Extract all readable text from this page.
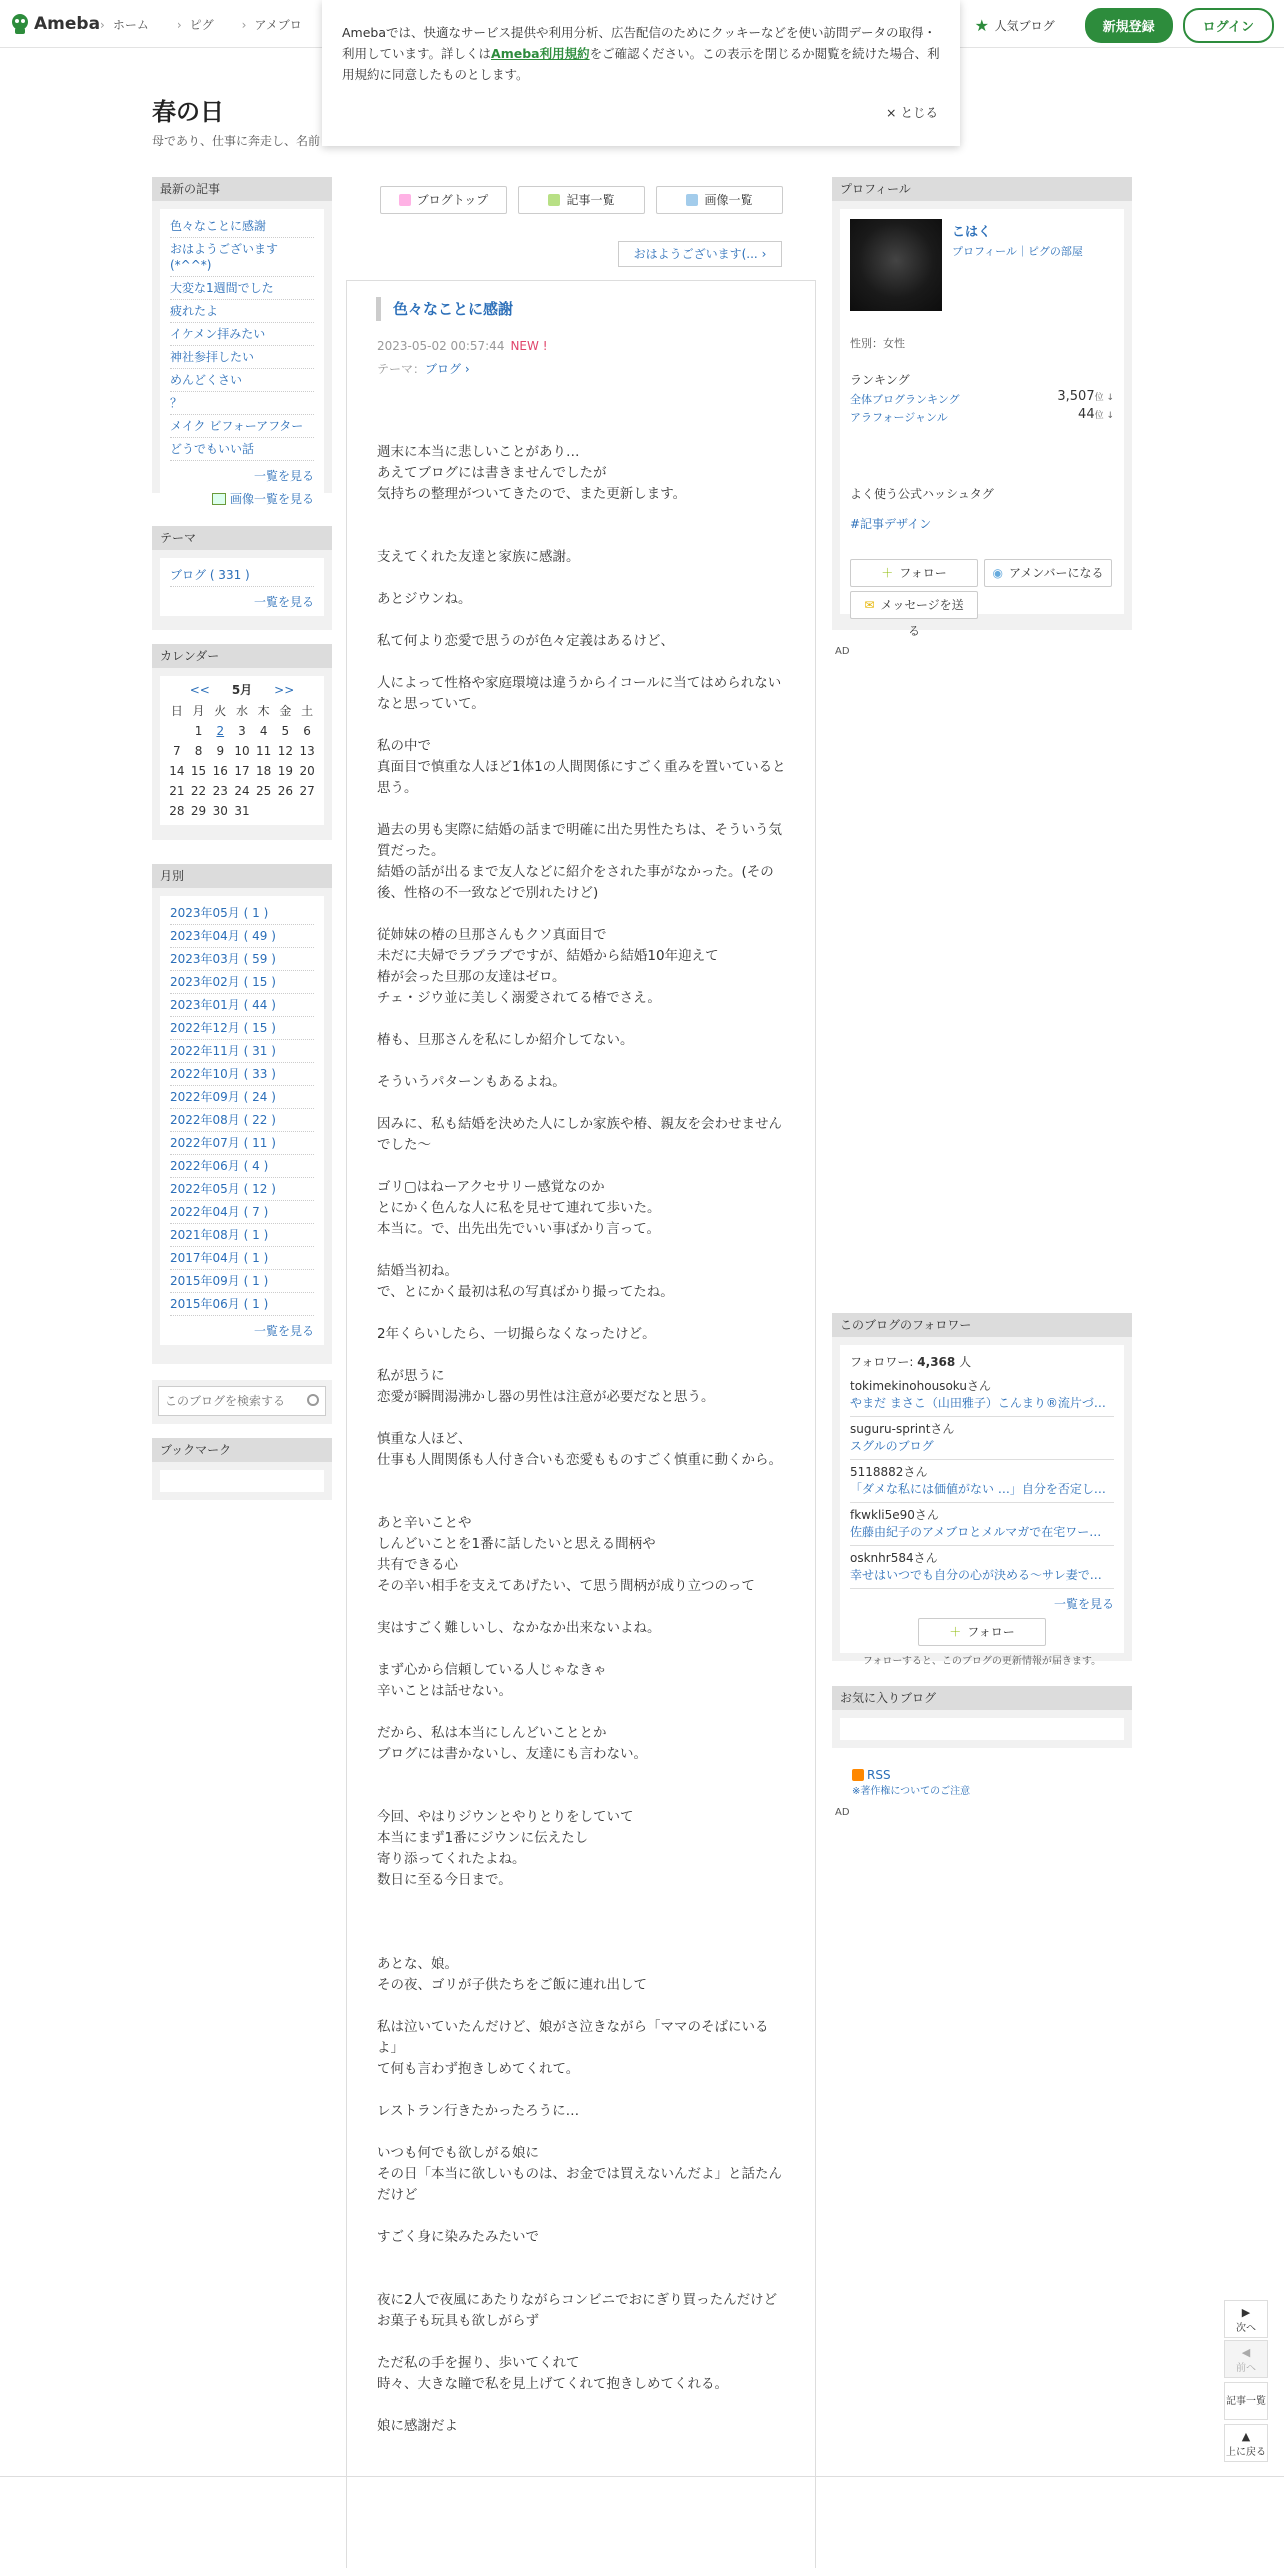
Ameba	› ホーム	› ピグ	› アメブロ	★ 人気ブログ	新規登録	ログイン
Amebaでは、快適なサービス提供や利用分析、広告配信のためにクッキーなどを使い訪問データの取得・利用しています。詳しくはAmeba利用規約をご確認ください。この表示を閉じるか閲覧を続けた場合、利用規約に同意したものとします。
× とじる
春の日
母であり、仕事に奔走し、名前
最新の記事
色々なことに感謝
おはようございます(*^^*)
大変な1週間でした
疲れたよ
イケメン拝みたい
神社参拝したい
めんどくさい
？
メイク ビフォーアフター
どうでもいい話
一覧を見る
画像一覧を見る
テーマ
ブログ ( 331 )
一覧を見る
カレンダー
<< 5月 >>
日	月	火	水	木	金	土
	1	2	3	4	5	6
7	8	9	10	11	12	13
14	15	16	17	18	19	20
21	22	23	24	25	26	27
28	29	30	31			
月別
2023年05月 ( 1 )
2023年04月 ( 49 )
2023年03月 ( 59 )
2023年02月 ( 15 )
2023年01月 ( 44 )
2022年12月 ( 15 )
2022年11月 ( 31 )
2022年10月 ( 33 )
2022年09月 ( 24 )
2022年08月 ( 22 )
2022年07月 ( 11 )
2022年06月 ( 4 )
2022年05月 ( 12 )
2022年04月 ( 7 )
2021年08月 ( 1 )
2017年04月 ( 1 )
2015年09月 ( 1 )
2015年06月 ( 1 )
一覧を見る
このブログを検索する
ブックマーク
ブログトップ	記事一覧	画像一覧
おはようございます(... ›
色々なことに感謝
2023-05-02 00:57:44 NEW !
テーマ：ブログ ›
週末に本当に悲しいことがあり…
あえてブログには書きませんでしたが
気持ちの整理がついてきたので、また更新します。

支えてくれた友達と家族に感謝。

あとジウンね。

私て何より恋愛で思うのが色々定義はあるけど、

人によって性格や家庭環境は違うからイコールに当てはめられないなと思っていて。

私の中で
真面目で慎重な人ほど1体1の人間関係にすごく重みを置いていると思う。

過去の男も実際に結婚の話まで明確に出た男性たちは、そういう気質だった。
結婚の話が出るまで友人などに紹介をされた事がなかった。(その後、性格の不一致などで別れたけど)

従姉妹の椿の旦那さんもクソ真面目で
未だに夫婦でラブラブですが、結婚から結婚10年迎えて
椿が会った旦那の友達はゼロ。
チェ・ジウ並に美しく溺愛されてる椿でさえ。

椿も、旦那さんを私にしか紹介してない。

そういうパターンもあるよね。

因みに、私も結婚を決めた人にしか家族や椿、親友を会わせませんでした〜

ゴリ▢はねーアクセサリー感覚なのか
とにかく色んな人に私を見せて連れて歩いた。
本当に。で、出先出先でいい事ばかり言って。

結婚当初ね。
で、とにかく最初は私の写真ばかり撮ってたね。

2年くらいしたら、一切撮らなくなったけど。

私が思うに
恋愛が瞬間湯沸かし器の男性は注意が必要だなと思う。

慎重な人ほど、
仕事も人間関係も人付き合いも恋愛もものすごく慎重に動くから。

あと辛いことや
しんどいことを1番に話したいと思える間柄や
共有できる心
その辛い相手を支えてあげたい、て思う間柄が成り立つのって

実はすごく難しいし、なかなか出来ないよね。

まず心から信頼している人じゃなきゃ
辛いことは話せない。

だから、私は本当にしんどいこととか
ブログには書かないし、友達にも言わない。

今回、やはりジウンとやりとりをしていて
本当にまず1番にジウンに伝えたし
寄り添ってくれたよね。
数日に至る今日まで。

あとな、娘。
その夜、ゴリが子供たちをご飯に連れ出して

私は泣いていたんだけど、娘がさ泣きながら「ママのそばにいるよ」
て何も言わず抱きしめてくれて。

レストラン行きたかったろうに…

いつも何でも欲しがる娘に
その日「本当に欲しいものは、お金では買えないんだよ」と話たんだけど

すごく身に染みたみたいで

夜に2人で夜風にあたりながらコンビニでおにぎり買ったんだけど
お菓子も玩具も欲しがらず

ただ私の手を握り、歩いてくれて
時々、大きな瞳で私を見上げてくれて抱きしめてくれる。

娘に感謝だよ
プロフィール
こはく
プロフィール｜ピグの部屋
性別：女性
ランキング
全体ブログランキング	3,507位 ↓
アラフォージャンル	44位 ↓
よく使う公式ハッシュタグ
#記事デザイン
＋ フォロー	◉ アメンバーになる
✉ メッセージを送る
AD
このブログのフォロワー
フォロワー: 4,368 人
tokimekinohousokuさん
やまだ まさこ（山田雅子）こんまり®流片づ…
suguru-sprintさん
スグルのブログ
5118882さん
「ダメな私には価値がない …」自分を否定し…
fkwkli5e90さん
佐藤由紀子のアメブロとメルマガで在宅ワー…
osknhr584さん
幸せはいつでも自分の心が決める〜サレ妻で…
一覧を見る
＋ フォロー
フォローすると、このブログの更新情報が届きます。
お気に入りブログ
RSS
※著作権についてのご注意
AD
▶
次へ
◀
前へ
記事一覧
▲
上に戻る
